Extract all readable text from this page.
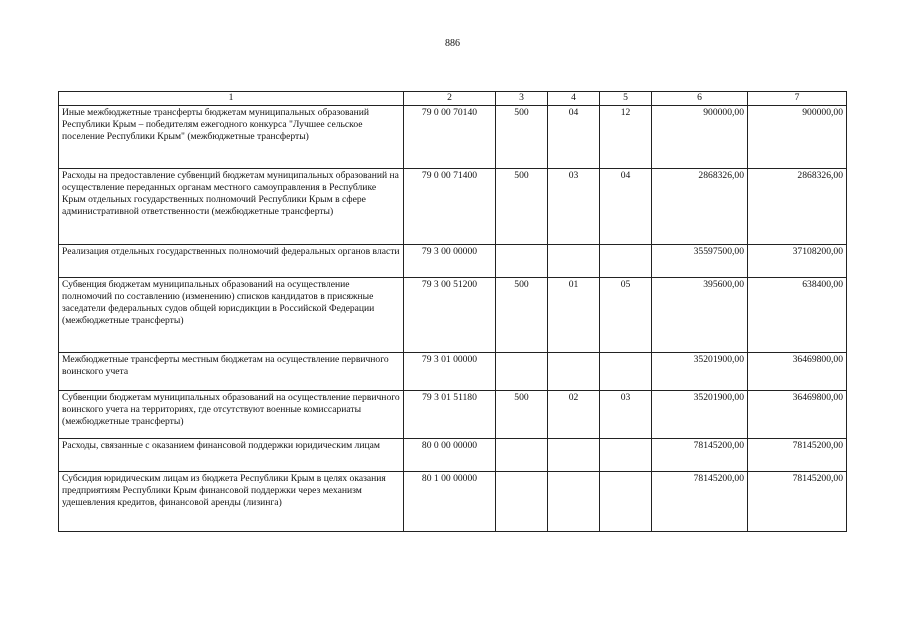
886
1	2	3	4	5	6	7
Иные межбюджетные трансферты бюджетам муниципальных образований Республики Крым – победителям ежегодного конкурса "Лучшее сельское поселение Республики Крым" (межбюджетные трансферты)	79 0 00 70140	500	04	12	900000,00	900000,00
Расходы на предоставление субвенций бюджетам муниципальных образований на осуществление переданных органам местного самоуправления в Республике Крым отдельных государственных полномочий Республики Крым в сфере административной ответственности (межбюджетные трансферты)	79 0 00 71400	500	03	04	2868326,00	2868326,00
Реализация отдельных государственных полномочий федеральных органов власти	79 3 00 00000				35597500,00	37108200,00
Субвенция бюджетам муниципальных образований на осуществление полномочий по составлению (изменению) списков кандидатов в присяжные заседатели федеральных судов общей юрисдикции в Российской Федерации (межбюджетные трансферты)	79 3 00 51200	500	01	05	395600,00	638400,00
Межбюджетные трансферты местным бюджетам на осуществление первичного воинского учета	79 3 01 00000				35201900,00	36469800,00
Субвенции бюджетам муниципальных образований на осуществление первичного воинского учета на территориях, где отсутствуют военные комиссариаты (межбюджетные трансферты)	79 3 01 51180	500	02	03	35201900,00	36469800,00
Расходы, связанные с оказанием финансовой поддержки юридическим лицам	80 0 00 00000				78145200,00	78145200,00
Субсидия юридическим лицам из бюджета Республики Крым в целях оказания предприятиям Республики Крым финансовой поддержки через механизм удешевления кредитов, финансовой аренды (лизинга)	80 1 00 00000				78145200,00	78145200,00
